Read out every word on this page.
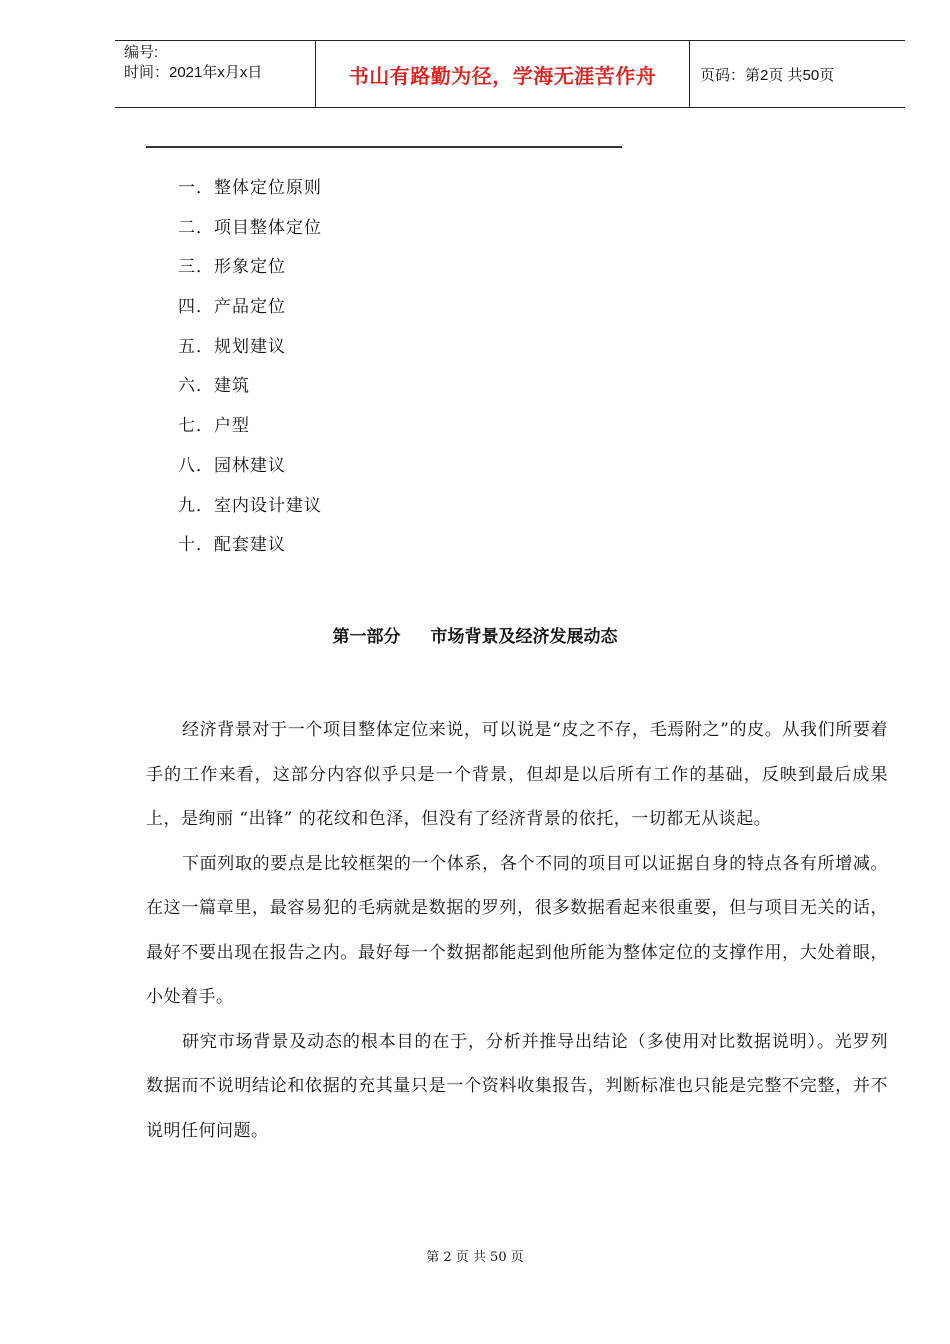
编号:
时间：2021年x月x日	书山有路勤为径，学海无涯苦作舟	页码：第2页 共50页
一．整体定位原则
二．项目整体定位
三．形象定位
四．产品定位
五．规划建议
六．建筑
七．户型
八．园林建议
九．室内设计建议
十．配套建议
第一部分 市场背景及经济发展动态

经济背景对于一个项目整体定位来说，可以说是“皮之不存，毛焉附之”的皮。从我们所要着手的工作来看，这部分内容似乎只是一个背景，但却是以后所有工作的基础，反映到最后成果上，是绚丽 “出锋” 的花纹和色泽，但没有了经济背景的依托，一切都无从谈起。

下面列取的要点是比较框架的一个体系，各个不同的项目可以证据自身的特点各有所增减。在这一篇章里，最容易犯的毛病就是数据的罗列，很多数据看起来很重要，但与项目无关的话，最好不要出现在报告之内。最好每一个数据都能起到他所能为整体定位的支撑作用，大处着眼，小处着手。

研究市场背景及动态的根本目的在于，分析并推导出结论（多使用对比数据说明）。光罗列数据而不说明结论和依据的充其量只是一个资料收集报告，判断标准也只能是完整不完整，并不说明任何问题。

第 2 页 共 50 页
